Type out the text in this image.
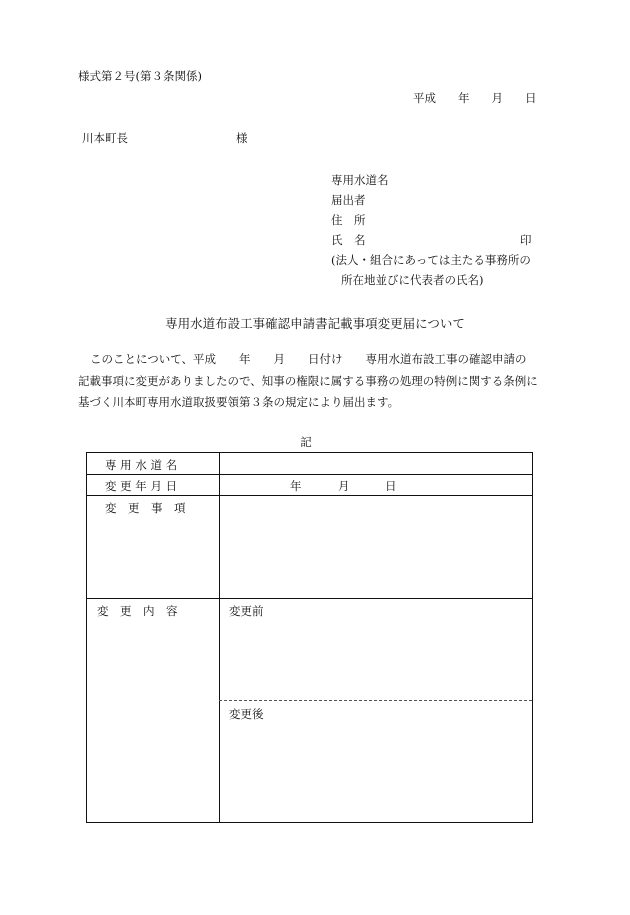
様式第２号(第３条関係)
平成 年 月 日
川本町長	様
専用水道名
届出者
住　所
氏　名	印
(法人・組合にあっては主たる事務所の
所在地並びに代表者の氏名)
専用水道布設工事確認申請書記載事項変更届について
このことについて、平成　　年　　月　　日付け　　専用水道布設工事の確認申請の
記載事項に変更がありましたので、知事の権限に属する事務の処理の特例に関する条例に
基づく川本町専用水道取扱要領第３条の規定により届出ます。
記
専 用 水 道 名
変 更 年 月 日	年	月	日
変　更　事　項
変　更　内　容	変更前
変更後
